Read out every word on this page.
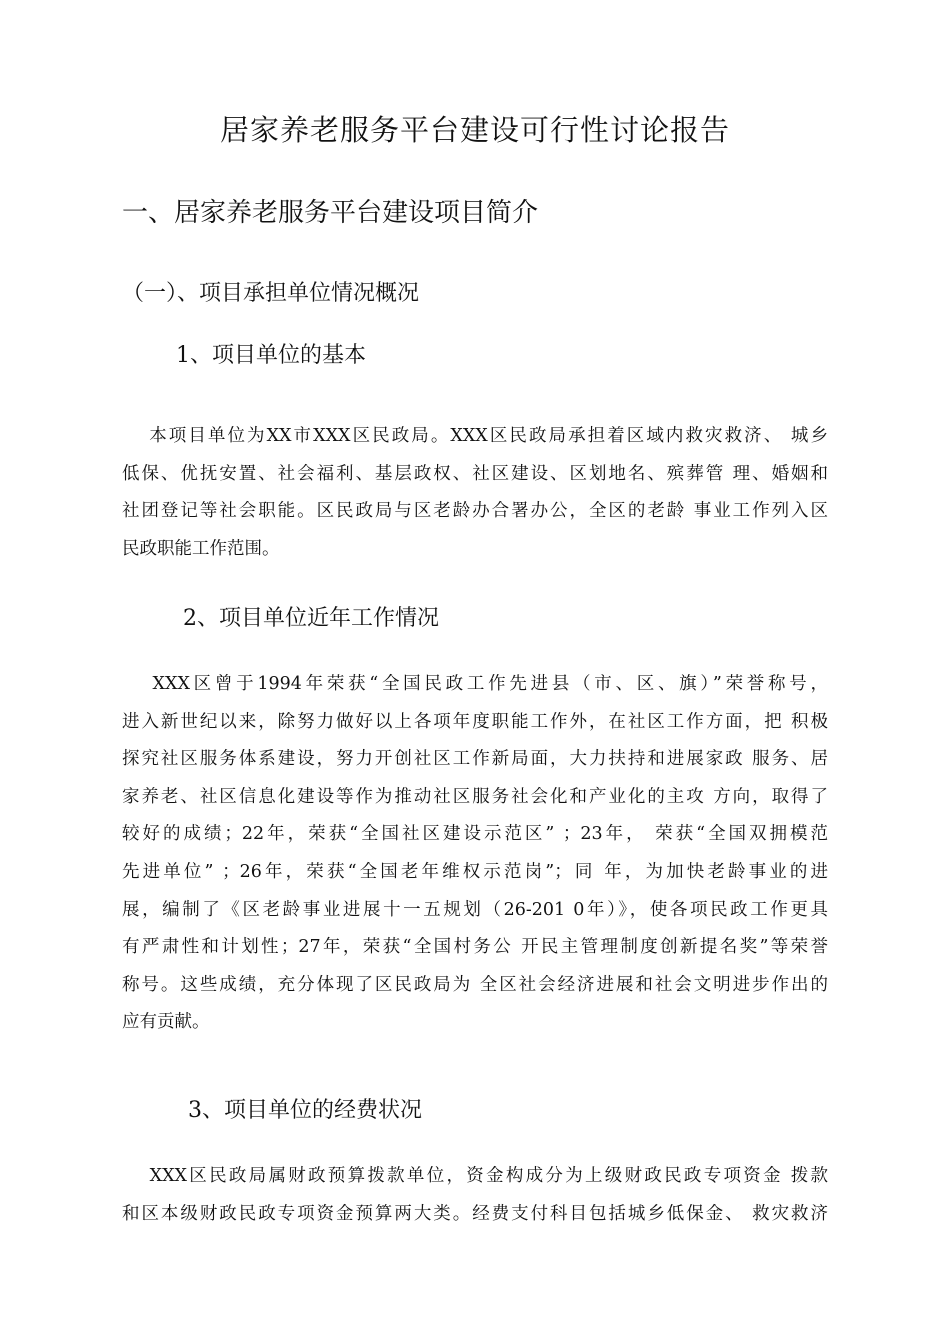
居家养老服务平台建设可行性讨论报告
一、居家养老服务平台建设项目简介
（一）、项目承担单位情况概况
1、项目单位的基本

　 本项目单位为XX市XXX区民政局。XXX区民政局承担着区域内救灾救济、 城乡
低保、优抚安置、社会福利、基层政权、社区建设、区划地名、殡葬管 理、婚姻和
社团登记等社会职能。区民政局与区老龄办合署办公，全区的老龄 事业工作列入区
民政职能工作范围。

2、项目单位近年工作情况

　 XXX区曾于1994年荣获“全国民政工作先进县（市、区、旗）”荣誉称号，
进入新世纪以来，除努力做好以上各项年度职能工作外，在社区工作方面，把 积极
探究社区服务体系建设，努力开创社区工作新局面，大力扶持和进展家政 服务、居
家养老、社区信息化建设等作为推动社区服务社会化和产业化的主攻 方向，取得了
较好的成绩；22年，荣获“全国社区建设示范区” ；23年， 荣获“全国双拥模范
先进单位” ；26年，荣获“全国老年维权示范岗”；同 年，为加快老龄事业的进
展，编制了《区老龄事业进展十一五规划（26-201 0年）》，使各项民政工作更具
有严肃性和计划性；27年，荣获“全国村务公 开民主管理制度创新提名奖”等荣誉
称号。这些成绩，充分体现了区民政局为 全区社会经济进展和社会文明进步作出的
应有贡献。

3、项目单位的经费状况

　 XXX区民政局属财政预算拨款单位，资金构成分为上级财政民政专项资金 拨款
和区本级财政民政专项资金预算两大类。经费支付科目包括城乡低保金、 救灾救济
